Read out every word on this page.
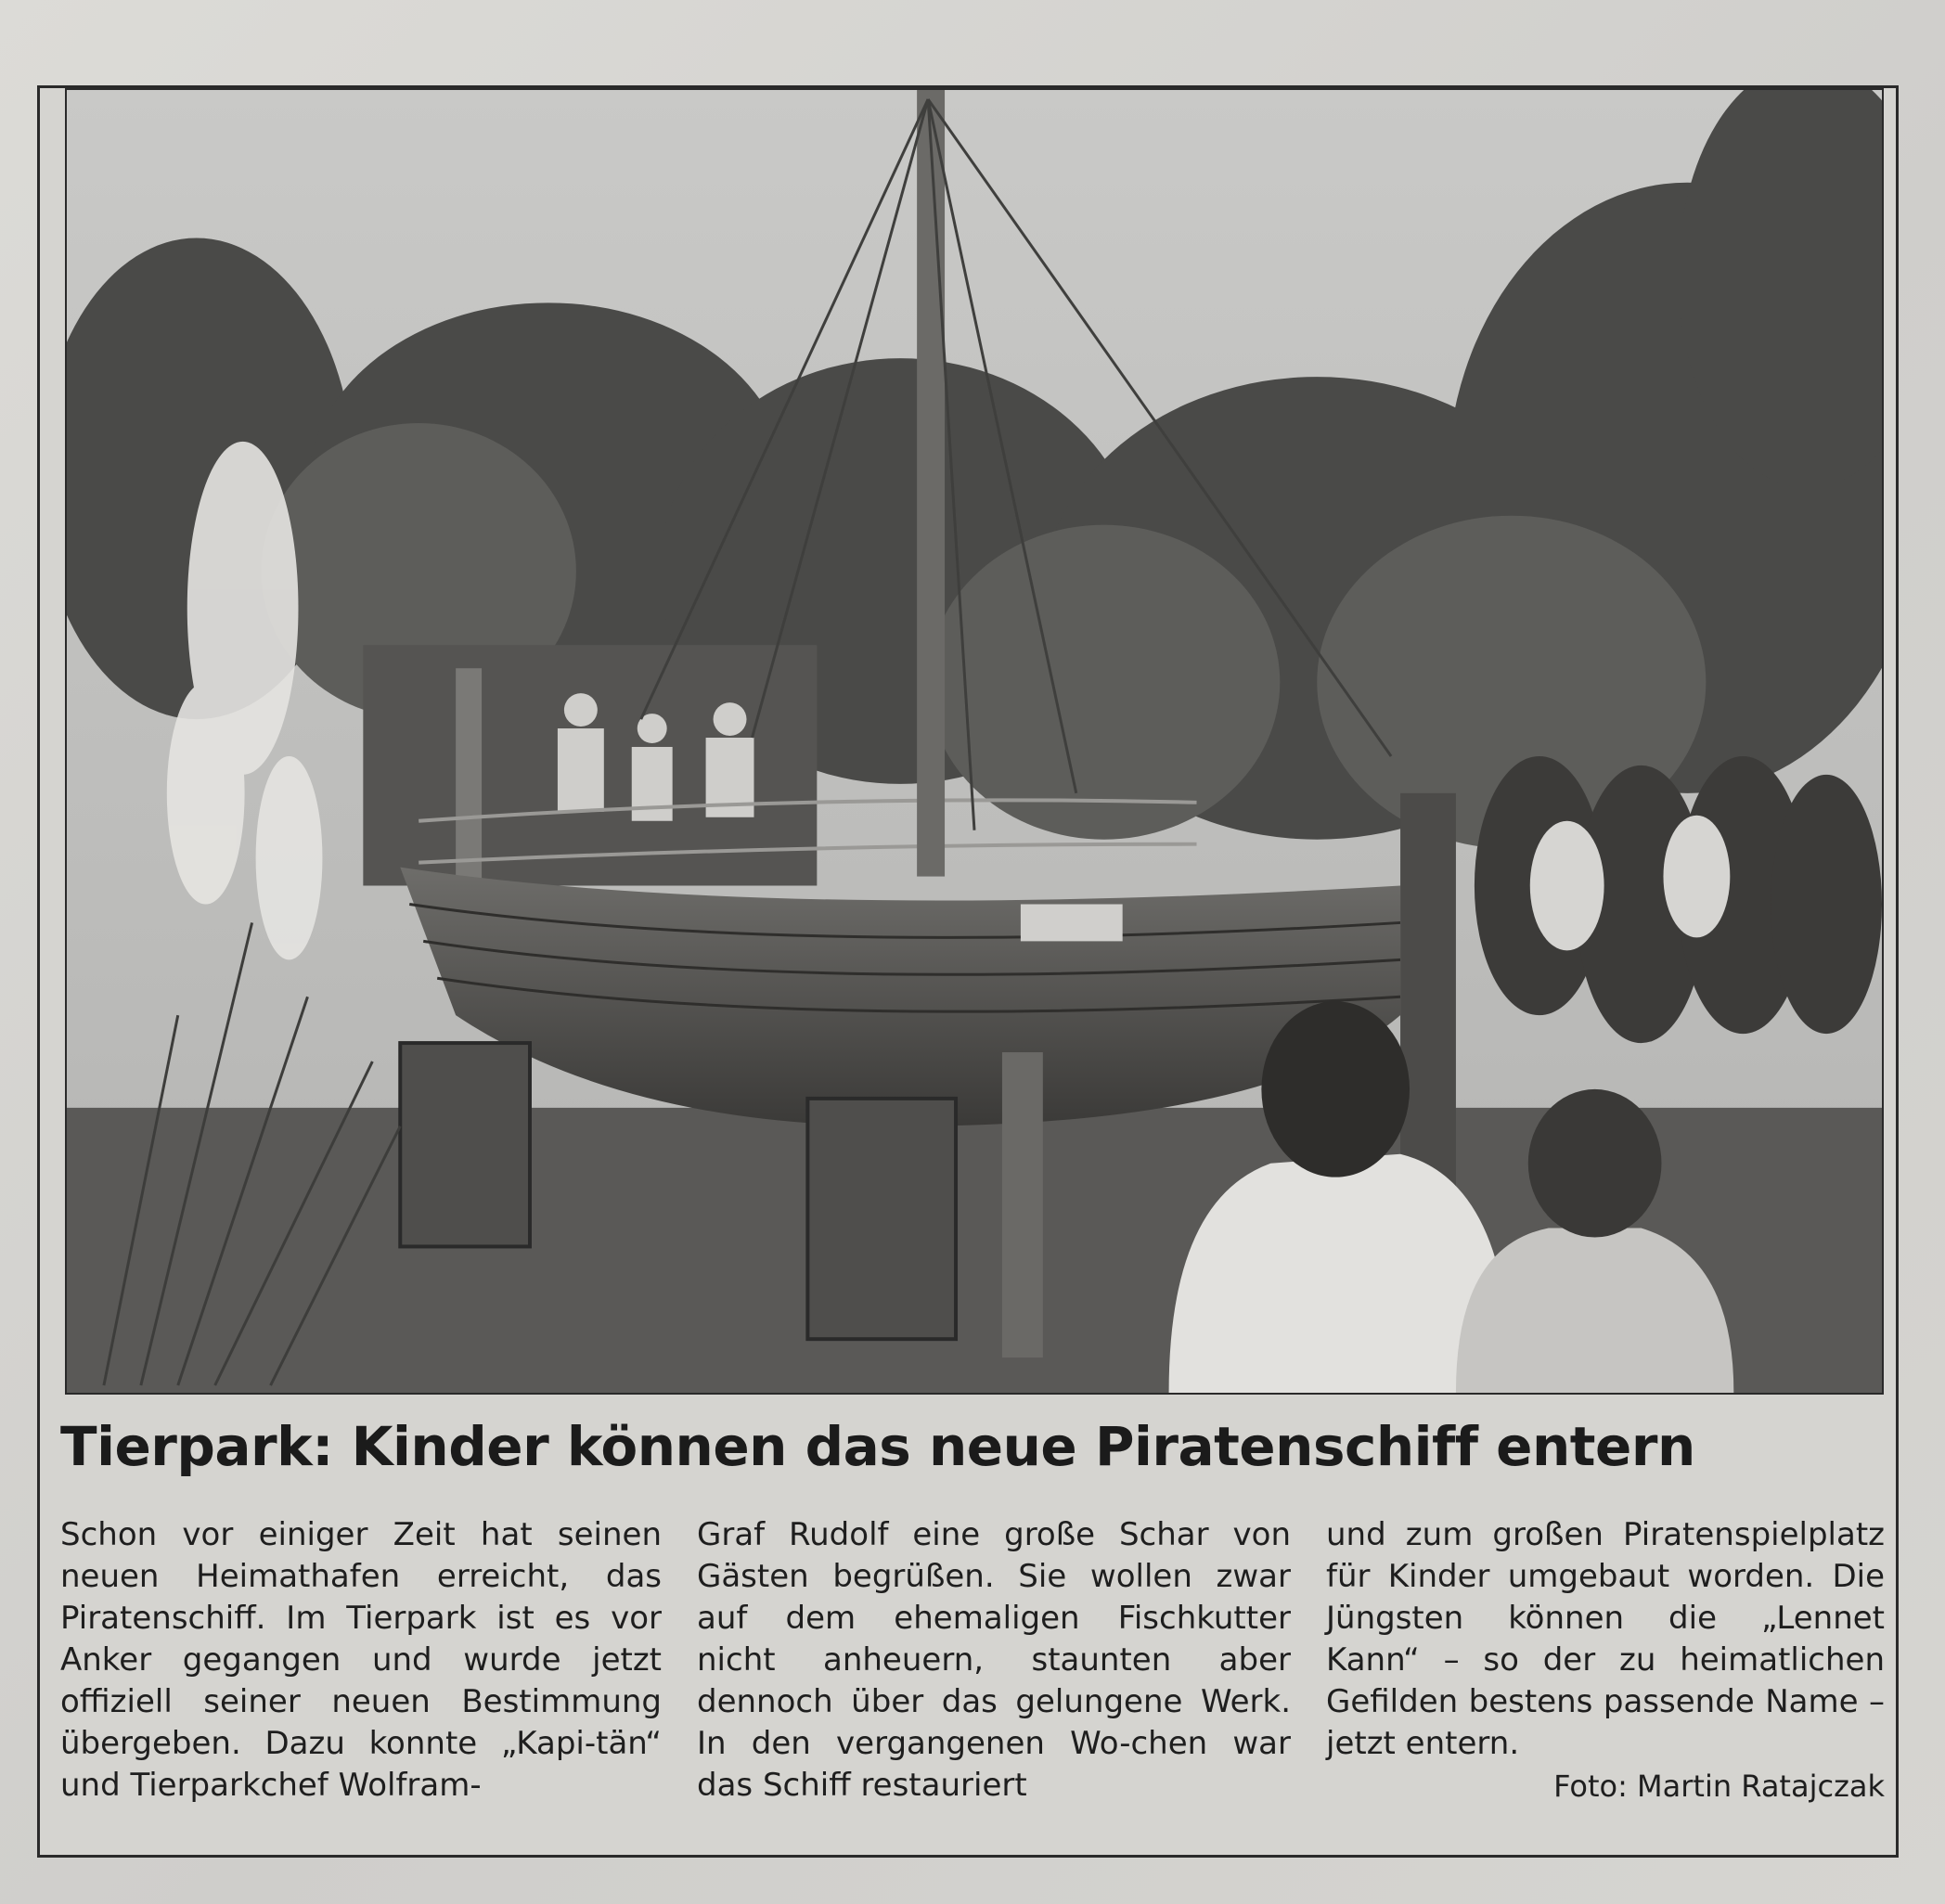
Tierpark: Kinder können das neue Piratenschiff entern

Schon vor einiger Zeit hat seinen neuen Heimathafen erreicht, das Piratenschiff. Im Tierpark ist es vor Anker gegangen und wurde jetzt offiziell seiner neuen Bestimmung übergeben. Dazu konnte „Kapi-tän“ und Tierparkchef Wolfram-

Graf Rudolf eine große Schar von Gästen begrüßen. Sie wollen zwar auf dem ehemaligen Fischkutter nicht anheuern, staunten aber dennoch über das gelungene Werk. In den vergangenen Wo-chen war das Schiff restauriert

und zum großen Piratenspielplatz für Kinder umgebaut worden. Die Jüngsten können die „Lennet Kann“ – so der zu heimatlichen Gefilden bestens passende Name – jetzt entern.

Foto: Martin Ratajczak
